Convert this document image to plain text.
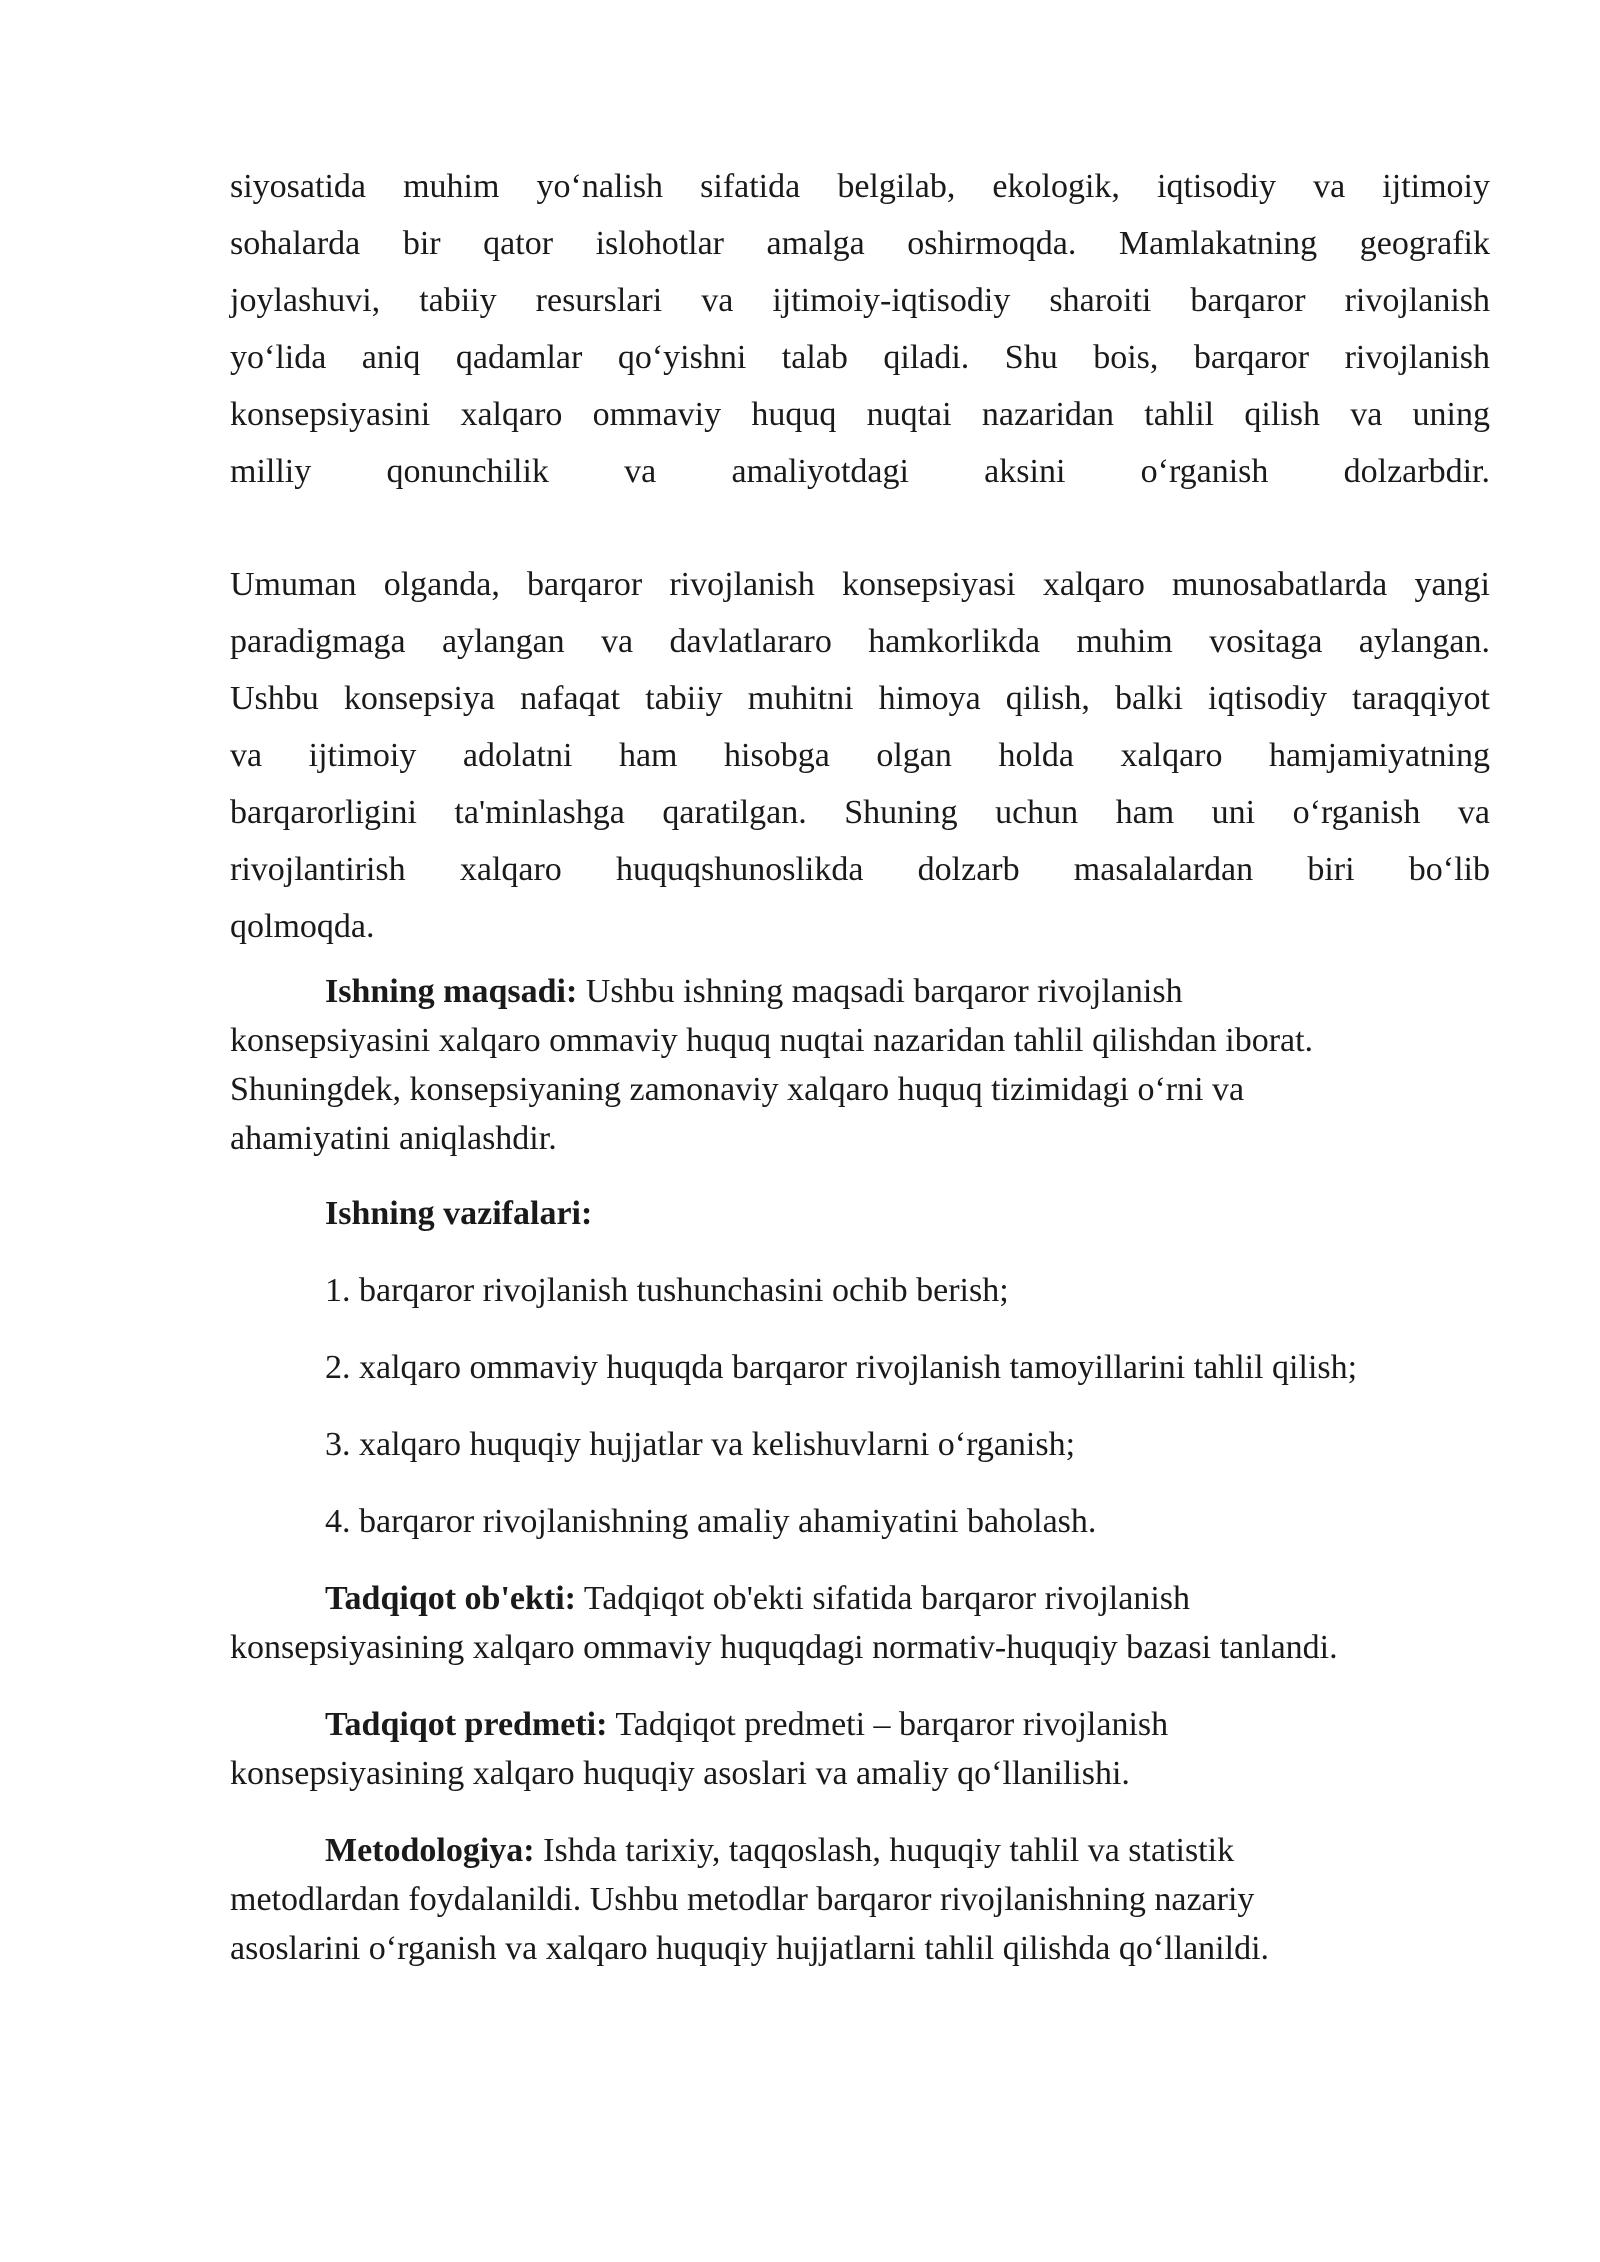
siyosatida muhim yo‘nalish sifatida belgilab, ekologik, iqtisodiy va ijtimoiy

sohalarda bir qator islohotlar amalga oshirmoqda. Mamlakatning geografik

joylashuvi, tabiiy resurslari va ijtimoiy-iqtisodiy sharoiti barqaror rivojlanish

yo‘lida aniq qadamlar qo‘yishni talab qiladi. Shu bois, barqaror rivojlanish

konsepsiyasini xalqaro ommaviy huquq nuqtai nazaridan tahlil qilish va uning

milliy qonunchilik va amaliyotdagi aksini o‘rganish dolzarbdir.

Umuman olganda, barqaror rivojlanish konsepsiyasi xalqaro munosabatlarda yangi

paradigmaga aylangan va davlatlararo hamkorlikda muhim vositaga aylangan.

Ushbu konsepsiya nafaqat tabiiy muhitni himoya qilish, balki iqtisodiy taraqqiyot

va ijtimoiy adolatni ham hisobga olgan holda xalqaro hamjamiyatning

barqarorligini ta'minlashga qaratilgan. Shuning uchun ham uni o‘rganish va

rivojlantirish xalqaro huquqshunoslikda dolzarb masalalardan biri bo‘lib

qolmoqda.

Ishning maqsadi: Ushbu ishning maqsadi barqaror rivojlanish

konsepsiyasini xalqaro ommaviy huquq nuqtai nazaridan tahlil qilishdan iborat.

Shuningdek, konsepsiyaning zamonaviy xalqaro huquq tizimidagi o‘rni va

ahamiyatini aniqlashdir.

Ishning vazifalari:

1. barqaror rivojlanish tushunchasini ochib berish;

2. xalqaro ommaviy huquqda barqaror rivojlanish tamoyillarini tahlil qilish;

3. xalqaro huquqiy hujjatlar va kelishuvlarni o‘rganish;

4. barqaror rivojlanishning amaliy ahamiyatini baholash.

Tadqiqot ob'ekti: Tadqiqot ob'ekti sifatida barqaror rivojlanish

konsepsiyasining xalqaro ommaviy huquqdagi normativ-huquqiy bazasi tanlandi.

Tadqiqot predmeti: Tadqiqot predmeti – barqaror rivojlanish

konsepsiyasining xalqaro huquqiy asoslari va amaliy qo‘llanilishi.

Metodologiya: Ishda tarixiy, taqqoslash, huquqiy tahlil va statistik

metodlardan foydalanildi. Ushbu metodlar barqaror rivojlanishning nazariy

asoslarini o‘rganish va xalqaro huquqiy hujjatlarni tahlil qilishda qo‘llanildi.
